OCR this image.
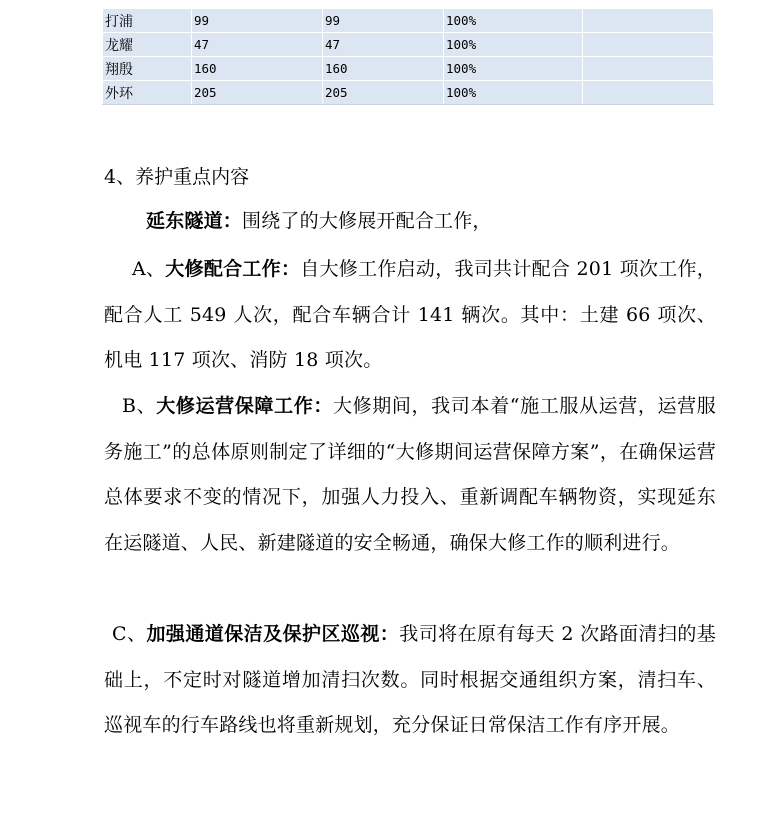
打浦	99	99	100%	
龙耀	47	47	100%	
翔殷	160	160	100%	
外环	205	205	100%	
4、养护重点内容

延东隧道：围绕了的大修展开配合工作，

A、大修配合工作：自大修工作启动，我司共计配合 201 项次工作，配合人工 549 人次，配合车辆合计 141 辆次。其中：土建 66 项次、机电 117 项次、消防 18 项次。

B、大修运营保障工作：大修期间，我司本着“施工服从运营，运营服务施工”的总体原则制定了详细的“大修期间运营保障方案”，在确保运营总体要求不变的情况下，加强人力投入、重新调配车辆物资，实现延东在运隧道、人民、新建隧道的安全畅通，确保大修工作的顺利进行。

C、加强通道保洁及保护区巡视：我司将在原有每天 2 次路面清扫的基础上，不定时对隧道增加清扫次数。同时根据交通组织方案，清扫车、巡视车的行车路线也将重新规划，充分保证日常保洁工作有序开展。
